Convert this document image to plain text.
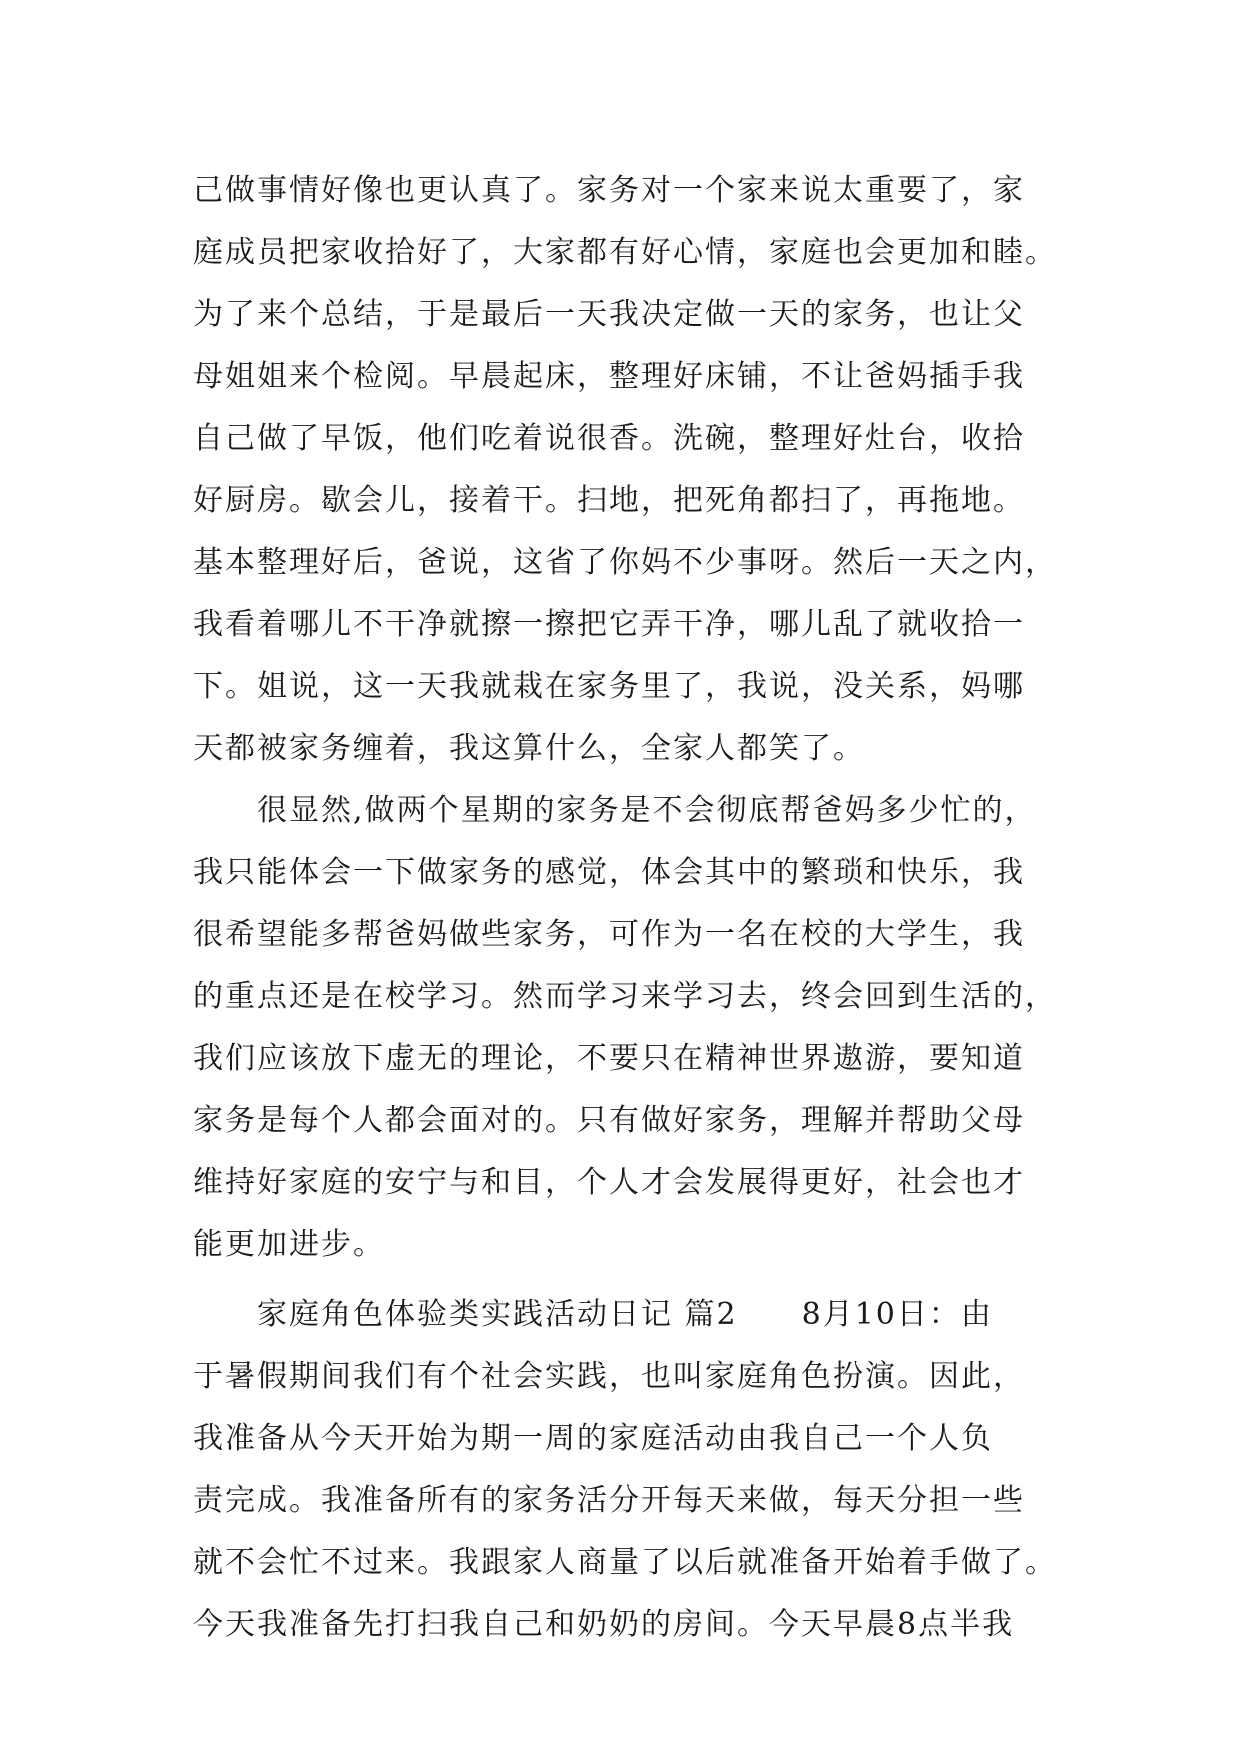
己做事情好像也更认真了。家务对一个家来说太重要了，家
庭成员把家收拾好了，大家都有好心情，家庭也会更加和睦。
为了来个总结，于是最后一天我决定做一天的家务，也让父
母姐姐来个检阅。早晨起床，整理好床铺，不让爸妈插手我
自己做了早饭，他们吃着说很香。洗碗，整理好灶台，收拾
好厨房。歇会儿，接着干。扫地，把死角都扫了，再拖地。
基本整理好后，爸说，这省了你妈不少事呀。然后一天之内，
我看着哪儿不干净就擦一擦把它弄干净，哪儿乱了就收拾一
下。姐说，这一天我就栽在家务里了，我说，没关系，妈哪
天都被家务缠着，我这算什么，全家人都笑了。
　　很显然,做两个星期的家务是不会彻底帮爸妈多少忙的，
我只能体会一下做家务的感觉，体会其中的繁琐和快乐，我
很希望能多帮爸妈做些家务，可作为一名在校的大学生，我
的重点还是在校学习。然而学习来学习去，终会回到生活的，
我们应该放下虚无的理论，不要只在精神世界遨游，要知道
家务是每个人都会面对的。只有做好家务，理解并帮助父母
维持好家庭的安宁与和目，个人才会发展得更好，社会也才
能更加进步。
　　家庭角色体验类实践活动日记 篇2　　8月10日：由
于暑假期间我们有个社会实践，也叫家庭角色扮演。因此，
我准备从今天开始为期一周的家庭活动由我自己一个人负
责完成。我准备所有的家务活分开每天来做，每天分担一些
就不会忙不过来。我跟家人商量了以后就准备开始着手做了。
今天我准备先打扫我自己和奶奶的房间。今天早晨8点半我
